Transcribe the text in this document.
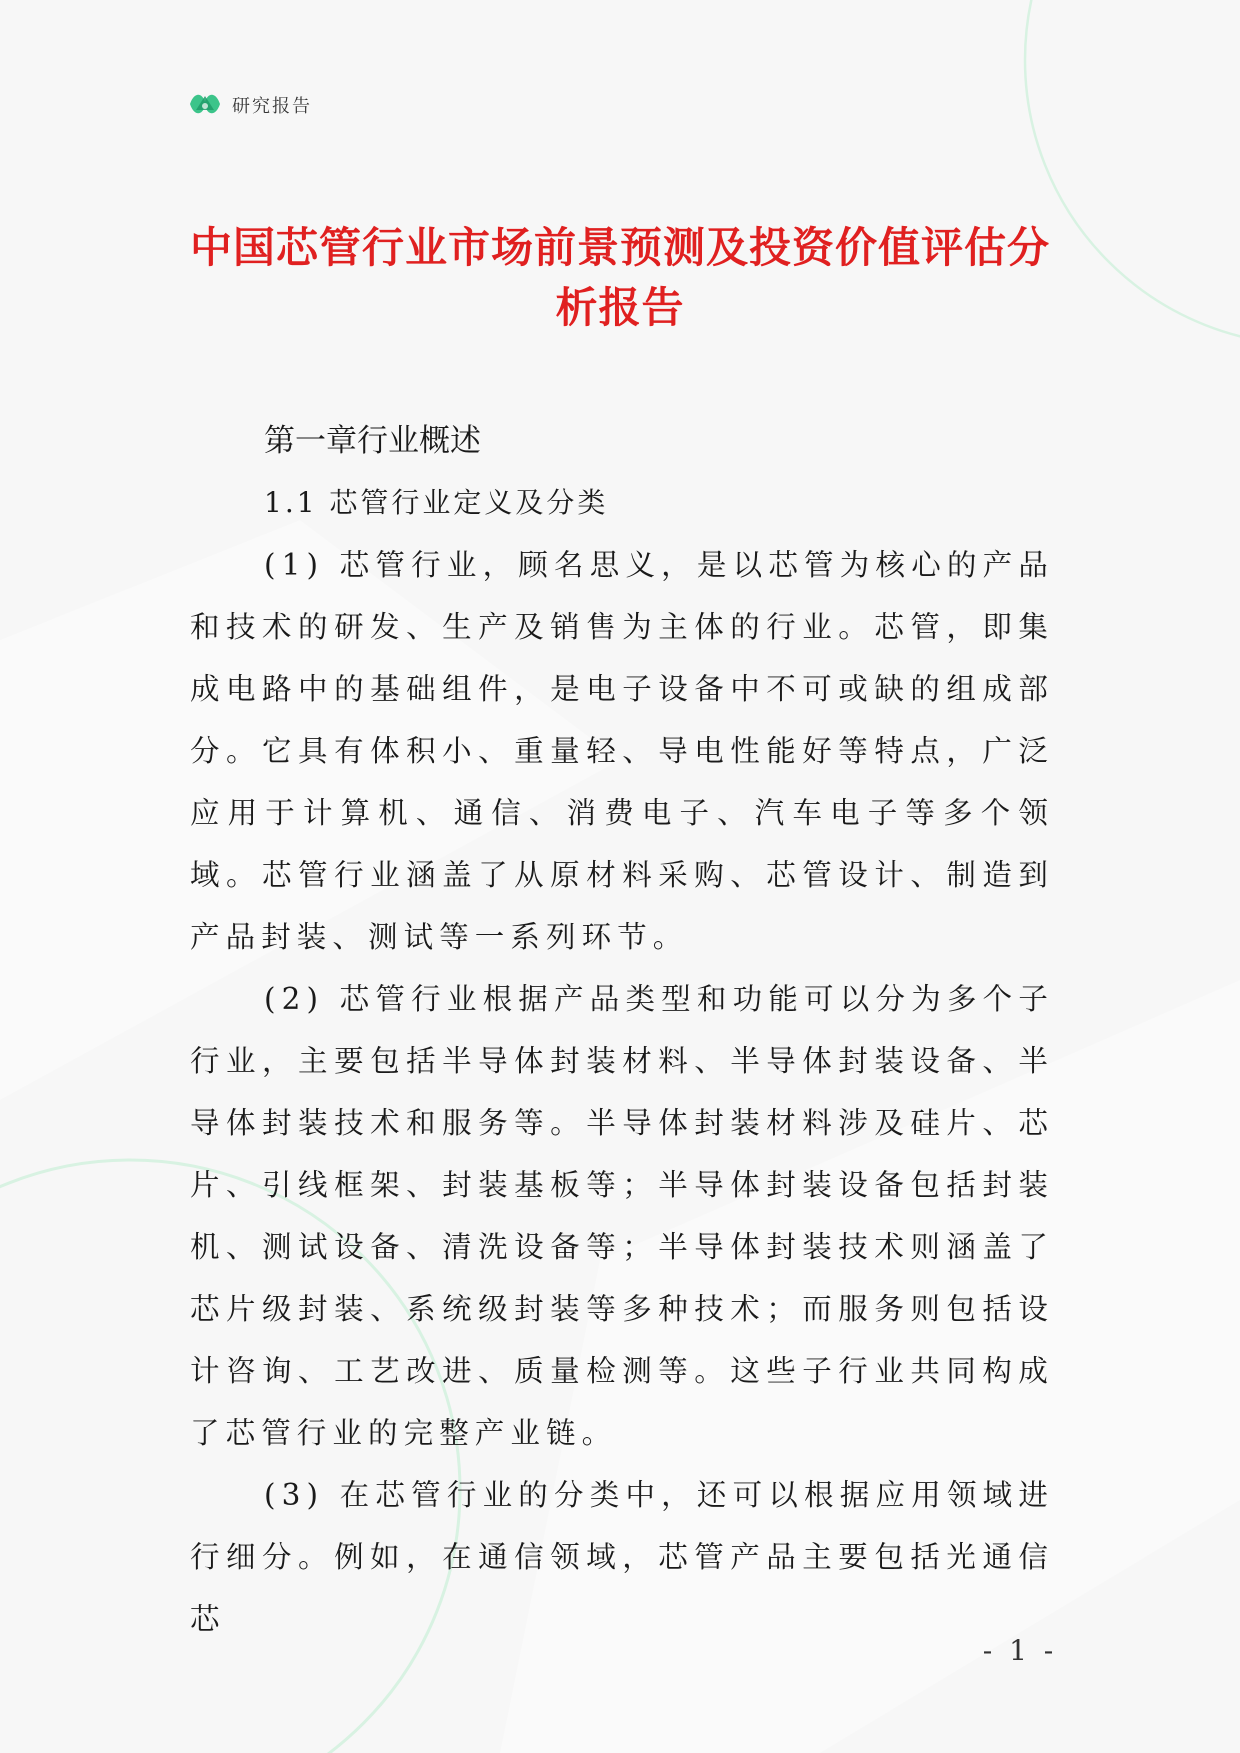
研究报告
中国芯管行业市场前景预测及投资价值评估分析报告
第一章行业概述
1.1 芯管行业定义及分类

(1) 芯管行业，顾名思义，是以芯管为核心的产品和技术的研发、生产及销售为主体的行业。芯管，即集成电路中的基础组件，是电子设备中不可或缺的组成部分。它具有体积小、重量轻、导电性能好等特点，广泛应用于计算机、通信、消费电子、汽车电子等多个领域。芯管行业涵盖了从原材料采购、芯管设计、制造到产品封装、测试等一系列环节。

(2) 芯管行业根据产品类型和功能可以分为多个子行业，主要包括半导体封装材料、半导体封装设备、半导体封装技术和服务等。半导体封装材料涉及硅片、芯片、引线框架、封装基板等；半导体封装设备包括封装机、测试设备、清洗设备等；半导体封装技术则涵盖了芯片级封装、系统级封装等多种技术；而服务则包括设计咨询、工艺改进、质量检测等。这些子行业共同构成了芯管行业的完整产业链。

(3) 在芯管行业的分类中，还可以根据应用领域进行细分。例如，在通信领域，芯管产品主要包括光通信芯

- 1 -
